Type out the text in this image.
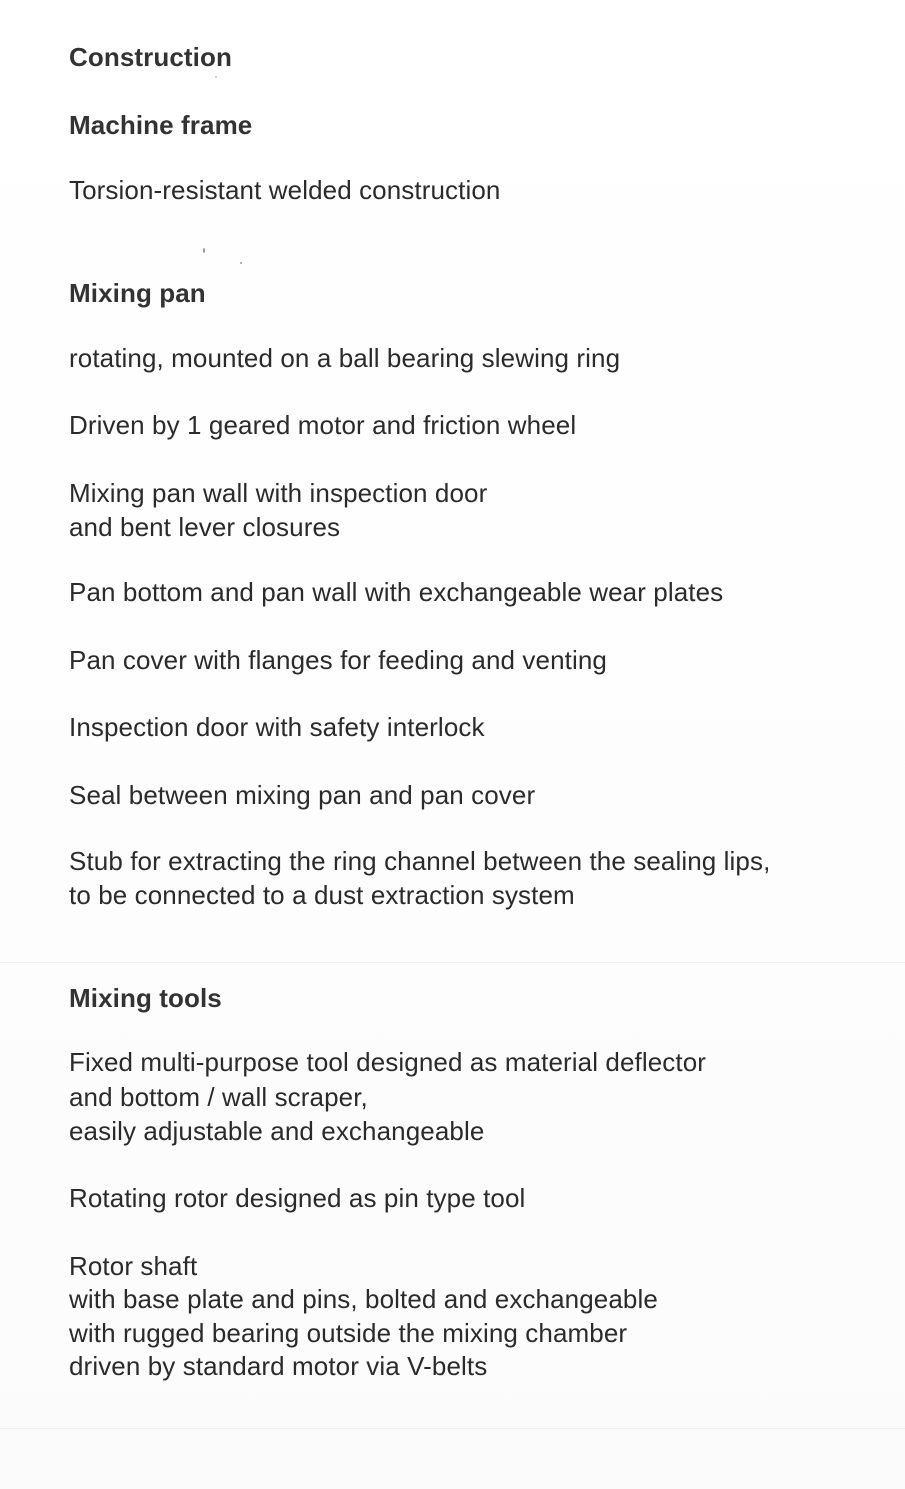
Construction
Machine frame
Torsion-resistant welded construction
Mixing pan
rotating, mounted on a ball bearing slewing ring
Driven by 1 geared motor and friction wheel
Mixing pan wall with inspection door
and bent lever closures
Pan bottom and pan wall with exchangeable wear plates
Pan cover with flanges for feeding and venting
Inspection door with safety interlock
Seal between mixing pan and pan cover
Stub for extracting the ring channel between the sealing lips,
to be connected to a dust extraction system
Mixing tools
Fixed multi-purpose tool designed as material deflector
and bottom / wall scraper,
easily adjustable and exchangeable
Rotating rotor designed as pin type tool
Rotor shaft
with base plate and pins, bolted and exchangeable
with rugged bearing outside the mixing chamber
driven by standard motor via V-belts
